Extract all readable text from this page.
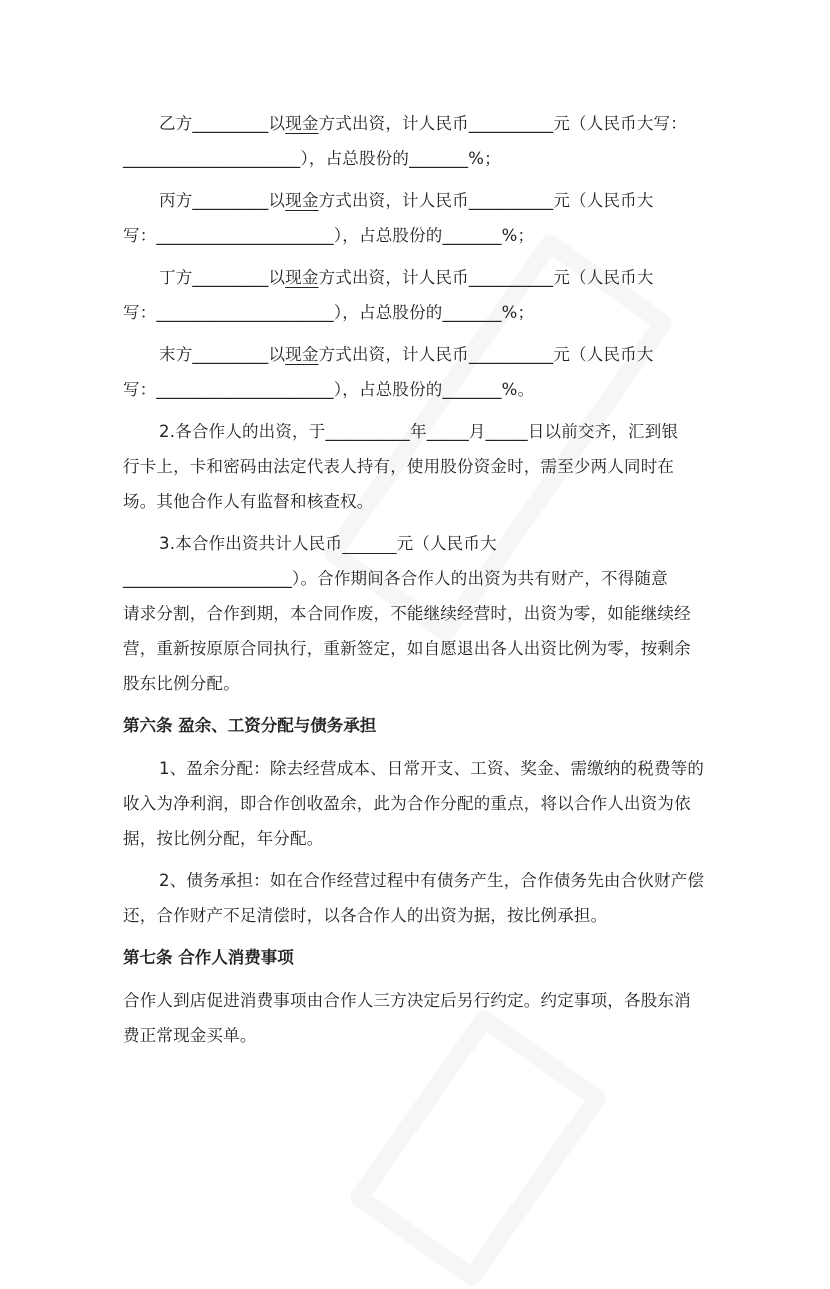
乙方_________以现金方式出资，计人民币__________元（人民币大写：
_____________________），占总股份的_______%；
丙方_________以现金方式出资，计人民币__________元（人民币大
写：_____________________），占总股份的_______%；
丁方_________以现金方式出资，计人民币__________元（人民币大
写：_____________________），占总股份的_______%；
末方_________以现金方式出资，计人民币__________元（人民币大
写：_____________________），占总股份的_______%。
2.各合作人的出资，于__________年_____月_____日以前交齐，汇到银
行卡上，卡和密码由法定代表人持有，使用股份资金时，需至少两人同时在
场。其他合作人有监督和核查权。
3.本合作出资共计人民币	元（人民币大
____________________）。合作期间各合作人的出资为共有财产，不得随意
请求分割，合作到期，本合同作废，不能继续经营时，出资为零，如能继续经
营，重新按原原合同执行，重新签定，如自愿退出各人出资比例为零，按剩余
股东比例分配。
第六条 盈余、工资分配与债务承担
1、盈余分配：除去经营成本、日常开支、工资、奖金、需缴纳的税费等的
收入为净利润，即合作创收盈余，此为合作分配的重点，将以合作人出资为依
据，按比例分配，年分配。
2、债务承担：如在合作经营过程中有债务产生，合作债务先由合伙财产偿
还，合作财产不足清偿时，以各合作人的出资为据，按比例承担。
第七条 合作人消费事项
合作人到店促进消费事项由合作人三方决定后另行约定。约定事项，各股东消
费正常现金买单。
